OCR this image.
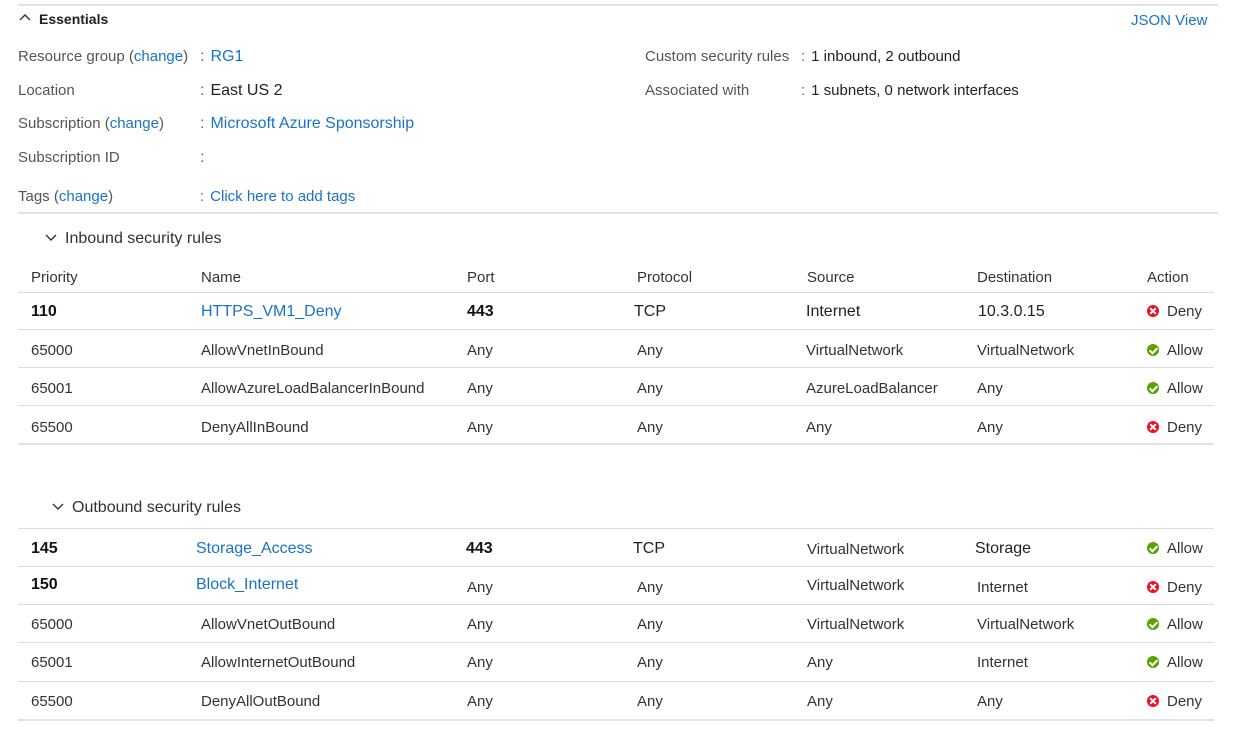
Essentials	JSON View
Resource group (change) : RG1
Location	: East US 2
Subscription (change) : Microsoft Azure Sponsorship
Subscription ID	:
Tags (change)	: Click here to add tags
Custom security rules : 1 inbound, 2 outbound
Associated with	: 1 subnets, 0 network interfaces
Inbound security rules
Priority	Name	Port	Protocol	Source	Destination	Action
110	HTTPS_VM1_Deny	443	TCP	Internet	10.3.0.15	Deny
65000	AllowVnetInBound	Any	Any	VirtualNetwork	VirtualNetwork	Allow
65001	AllowAzureLoadBalancerInBound	Any	Any	AzureLoadBalancer	Any	Allow
65500	DenyAllInBound	Any	Any	Any	Any	Deny
Outbound security rules
145	Storage_Access	443	TCP	VirtualNetwork	Storage	Allow
150	Block_Internet	Any	Any	VirtualNetwork	Internet	Deny
65000	AllowVnetOutBound	Any	Any	VirtualNetwork	VirtualNetwork	Allow
65001	AllowInternetOutBound	Any	Any	Any	Internet	Allow
65500	DenyAllOutBound	Any	Any	Any	Any	Deny
